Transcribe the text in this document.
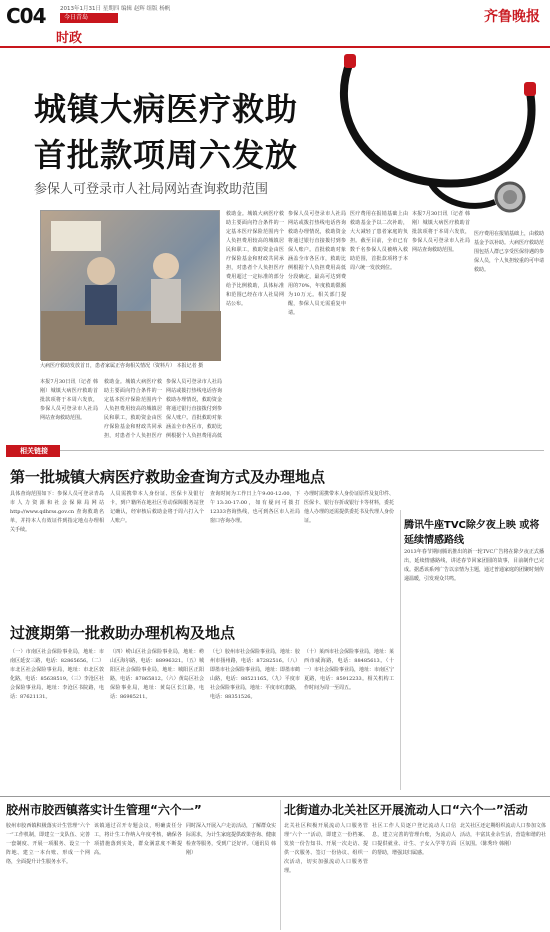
C04	2013年1月31日 星期四 编辑 赵辉 组版 杨帆
今日青岛
时政
齐鲁晚报
城镇大病医疗救助
首批款项周六发放
参保人可登录市人社局网站查询救助范围
大病医疗救助发放首日，患者家属正咨询相关情况（资料片） 本报记者 摄
本报7月30日讯（记者 韩刚）城镇大病医疗救助首批款项将于本周六发放，参保人员可登录市人社局网站查询救助范围。
救助金。城镇大病医疗救助主要面向符合条件的一定基本医疗保险范围内个人负担费用较高的城镇居民和职工，救助资金由医疗保险基金和财政共同承担，对患者个人负担医疗
参保人员可登录市人社局网站或拨打热线电话咨询救助办理情况，救助资金将通过银行直接拨付到参保人账户。首批救助对象涵盖全市各区市，救助比例根据个人负担费用高低
救助金。城镇大病医疗救助主要面向符合条件的一定基本医疗保险范围内个人负担费用较高的城镇居民和职工，救助资金由医疗保险基金和财政共同承担，对患者个人负担医疗费用超过一定标准的部分给予比例救助，具体标准和范围已经在市人社局网站公布。
参保人员可登录市人社局网站或拨打热线电话咨询救助办理情况，救助资金将通过银行直接拨付到参保人账户。首批救助对象涵盖全市各区市，救助比例根据个人负担费用高低分段确定，最高可达到费用的70%，年度救助限额为10万元。相关部门提醒，参保人员无需重复申请。
医疗费用在报销基础上由救助基金予以二次补助，大大减轻了患者家庭的负担。截至目前，全市已有数千名参保人员被纳入救助范围，首批款项将于本周六统一发放到位。
本报7月30日讯（记者 韩刚）城镇大病医疗救助首批款项将于本周六发放，参保人员可登录市人社局网站查询救助范围。
医疗费用在报销基础上，由救助基金予以补助。大病医疗救助范围包括人群已享受医保待遇的参保人员，个人负担较重的可申请救助。
相关链接
第一批城镇大病医疗救助金查询方式及办理地点
具体查询范围如下：参保人员可登录青岛市人力资源和社会保障局网站 http://www.qdhrss.gov.cn 查询救助名单，并持本人有效证件到指定地点办理相关手续。
人员需携带本人身份证、医保卡及银行卡，到户籍所在地社区劳动保障服务站登记确认，经审核后救助金将于周六打入个人账户。
查询时间为工作日上午9:00-12:00，下午13:30-17:00，如有疑问可拨打12333咨询热线，也可到各区市人社局窗口咨询办理。
办理时需携带本人身份证原件及复印件、医保卡、银行存折或银行卡等材料，委托他人办理的还需提供委托书及代理人身份证。	腾讯牛座TVC除夕夜上映 或将延续情感路线
2013年春节期间腾讯推出的新一轮TVC广告将在除夕夜正式播出，延续情感路线，讲述春节回家团圆的故事，目前制作已完成。据悉该系列广告以亲情为主题，通过普通家庭的团聚时刻传递温暖，引发观众共鸣。
过渡期第一批救助办理机构及地点
（一）市南区社会保险事业局，地址：市南区延安三路，电话：82865656。（二）市北区社会保险事业局，地址：市北区敦化路，电话：85638519。（三）李沧区社会保险事业局，地址：李沧区书院路，电话：87621131。
（四）崂山区社会保险事业局，地址：崂山区海尔路，电话：88996321。（五）城阳区社会保险事业局，地址：城阳区正阳路，电话：87865812。（六）黄岛区社会保险事业局，地址：黄岛区长江路，电话：86985211。
（七）胶州市社会保险事业局，地址：胶州市扬州路，电话：87282516。（八）即墨市社会保险事业局，地址：即墨市鹤山路，电话：88521165。（九）平度市社会保险事业局，地址：平度市红旗路，电话：88351526。
（十）莱西市社会保险事业局，地址：莱西市威海路，电话：88485613。（十一）市社会保险事业局，地址：市南区宁夏路，电话：85912233。相关机构工作时间为周一至周五。
胶州市胶西镇落实计生管理“六个一”
胶州市胶西镇积极落实计生管理“六个一”工作机制，即建立一支队伍、完善一套制度、开展一项服务、设立一个阵地、建立一本台账、形成一个网络，全面提升计生服务水平。
该镇通过召开专题会议，明确责任分工，将计生工作纳入年度考核，确保各项措施落到实处，群众满意度不断提高。
同时深入开展入户走访活动，了解群众实际需求，为计生家庭提供政策咨询、健康检查等服务，受到广泛好评。（通讯员 韩刚）
北街道办北关社区开展流动人口“六个一”活动
北关社区积极开展流动人口服务管理“六个一”活动，即建立一份档案、发放一份告知书、开展一次走访、提供一次服务、签订一份协议、组织一次活动，切实加强流动人口服务管理。
社区工作人员逐户登记流动人口信息，建立完善的管理台账，为流动人口提供就业、计生、子女入学等方面的帮助，增强其归属感。
北关社区还定期组织流动人口参加文体活动，丰富其业余生活，营造和谐的社区氛围。（陈秀玲 韩刚）
